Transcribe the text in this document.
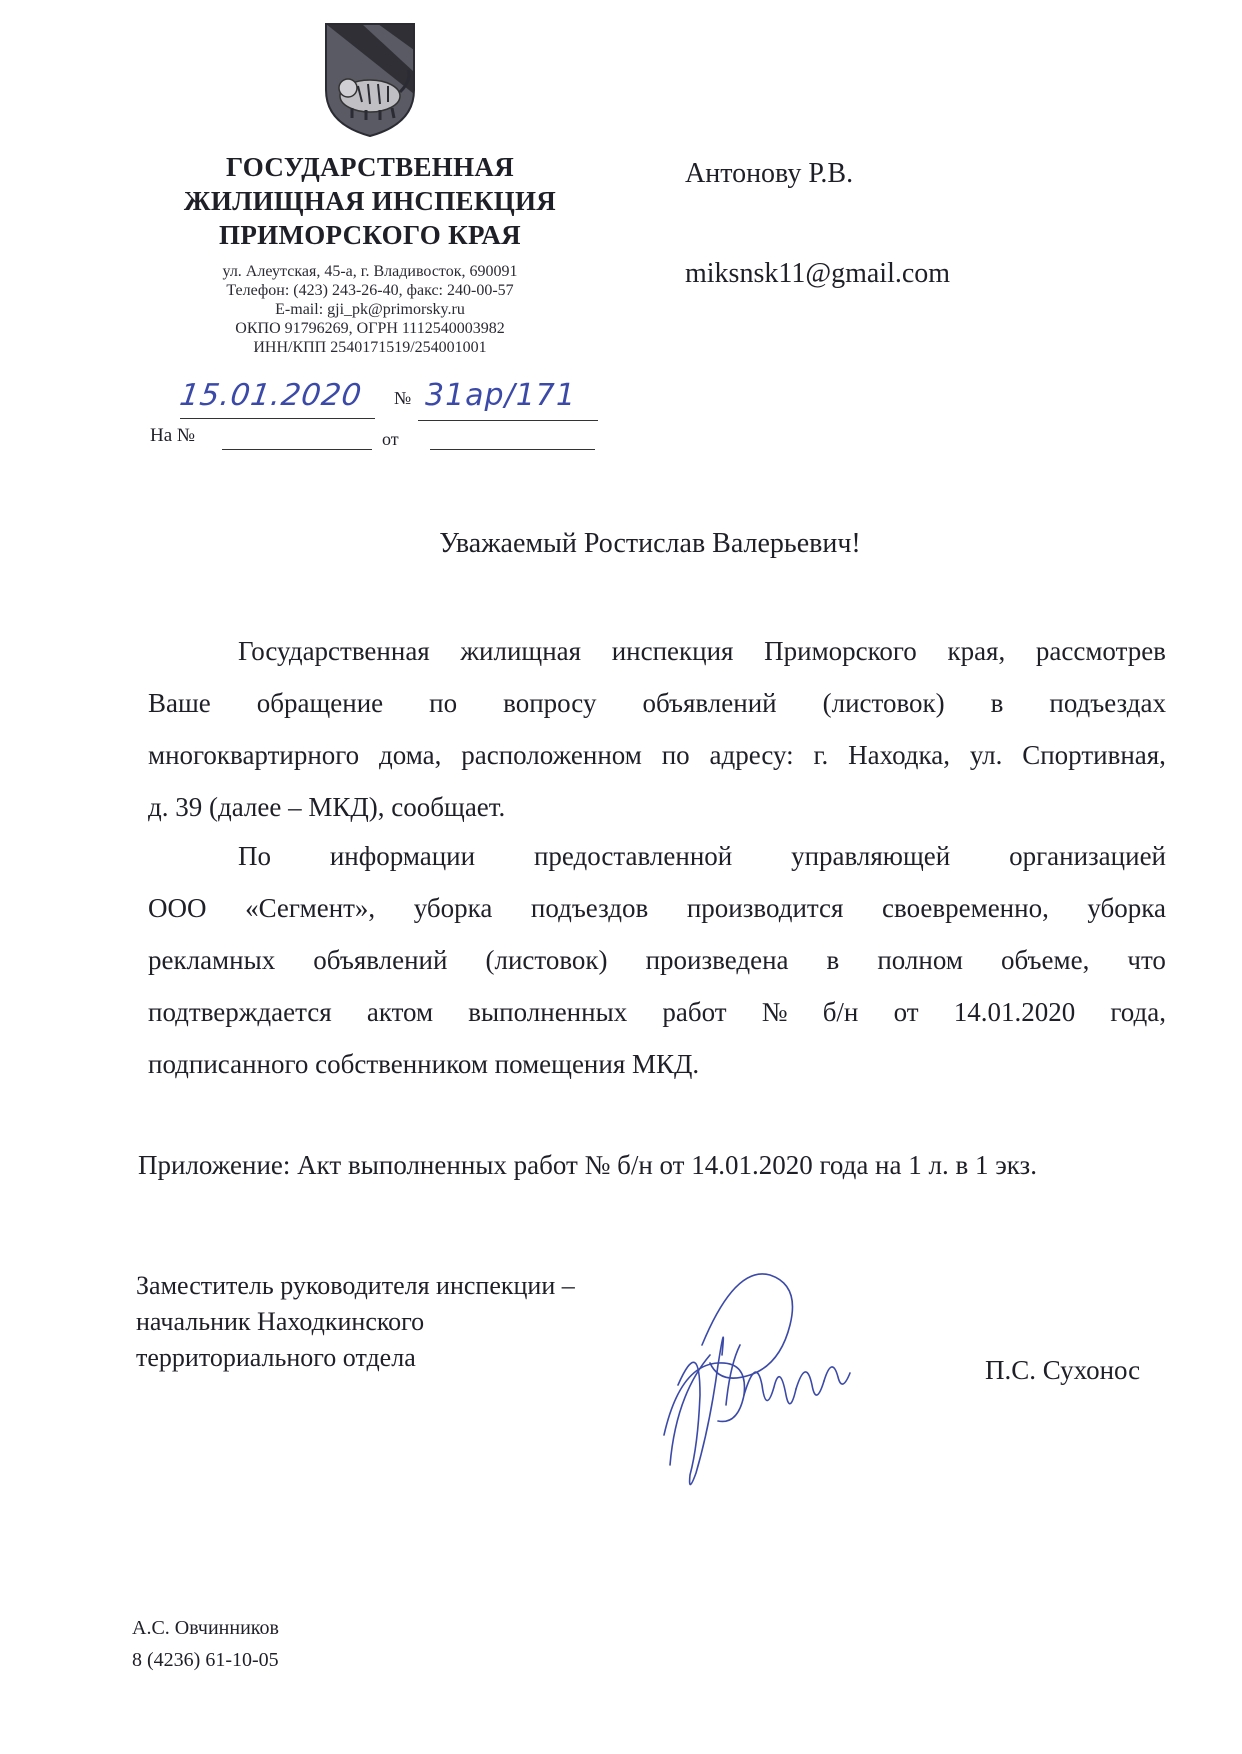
ГОСУДАРСТВЕННАЯ
ЖИЛИЩНАЯ ИНСПЕКЦИЯ
ПРИМОРСКОГО КРАЯ
ул. Алеутская, 45-а, г. Владивосток, 690091
Телефон: (423) 243-26-40, факс: 240-00-57
E-mail: gji_pk@primorsky.ru
ОКПО 91796269, ОГРН 1112540003982
ИНН/КПП 2540171519/254001001
15.01.2020	№ 31ap/171
На №	от
Антонову Р.В.
miksnsk11@gmail.com
Уважаемый Ростислав Валерьевич!
Государственная жилищная инспекция Приморского края, рассмотрев
Ваше обращение по вопросу объявлений (листовок) в подъездах
многоквартирного дома, расположенном по адресу: г. Находка, ул. Спортивная,
д. 39 (далее – МКД), сообщает.
По информации предоставленной управляющей организацией
ООО «Сегмент», уборка подъездов производится своевременно, уборка
рекламных объявлений (листовок) произведена в полном объеме, что
подтверждается актом выполненных работ № б/н от 14.01.2020 года,
подписанного собственником помещения МКД.
Приложение: Акт выполненных работ № б/н от 14.01.2020 года на 1 л. в 1 экз.
Заместитель руководителя инспекции –
начальник Находкинского
территориального отдела	П.С. Сухонос
А.С. Овчинников
8 (4236) 61-10-05
